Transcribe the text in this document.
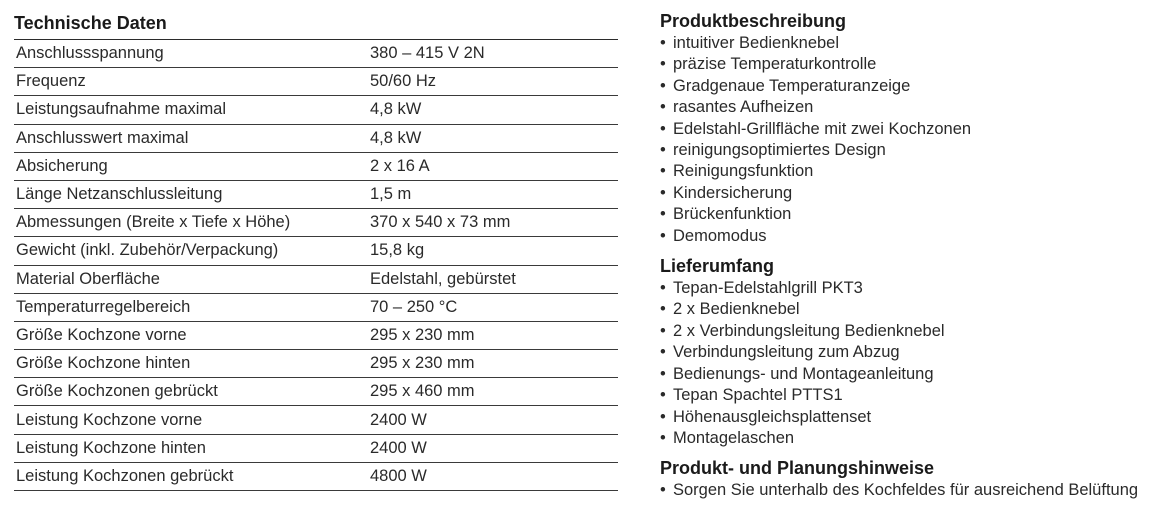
Technische Daten
Anschlussspannung	380 – 415 V 2N
Frequenz	50/60 Hz
Leistungsaufnahme maximal	4,8 kW
Anschlusswert maximal	4,8 kW
Absicherung	2 x 16 A
Länge Netzanschlussleitung	1,5 m
Abmessungen (Breite x Tiefe x Höhe)	370 x 540 x 73 mm
Gewicht (inkl. Zubehör/Verpackung)	15,8 kg
Material Oberfläche	Edelstahl, gebürstet
Temperaturregelbereich	70 – 250 °C
Größe Kochzone vorne	295 x 230 mm
Größe Kochzone hinten	295 x 230 mm
Größe Kochzonen gebrückt	295 x 460 mm
Leistung Kochzone vorne	2400 W
Leistung Kochzone hinten	2400 W
Leistung Kochzonen gebrückt	4800 W
Produktbeschreibung
• intuitiver Bedienknebel
• präzise Temperaturkontrolle
• Gradgenaue Temperaturanzeige
• rasantes Aufheizen
• Edelstahl-Grillfläche mit zwei Kochzonen
• reinigungsoptimiertes Design
• Reinigungsfunktion
• Kindersicherung
• Brückenfunktion
• Demomodus
Lieferumfang
• Tepan-Edelstahlgrill PKT3
• 2 x Bedienknebel
• 2 x Verbindungsleitung Bedienknebel
• Verbindungsleitung zum Abzug
• Bedienungs- und Montageanleitung
• Tepan Spachtel PTTS1
• Höhenausgleichsplattenset
• Montagelaschen
Produkt- und Planungshinweise
• Sorgen Sie unterhalb des Kochfeldes für ausreichend Belüftung
